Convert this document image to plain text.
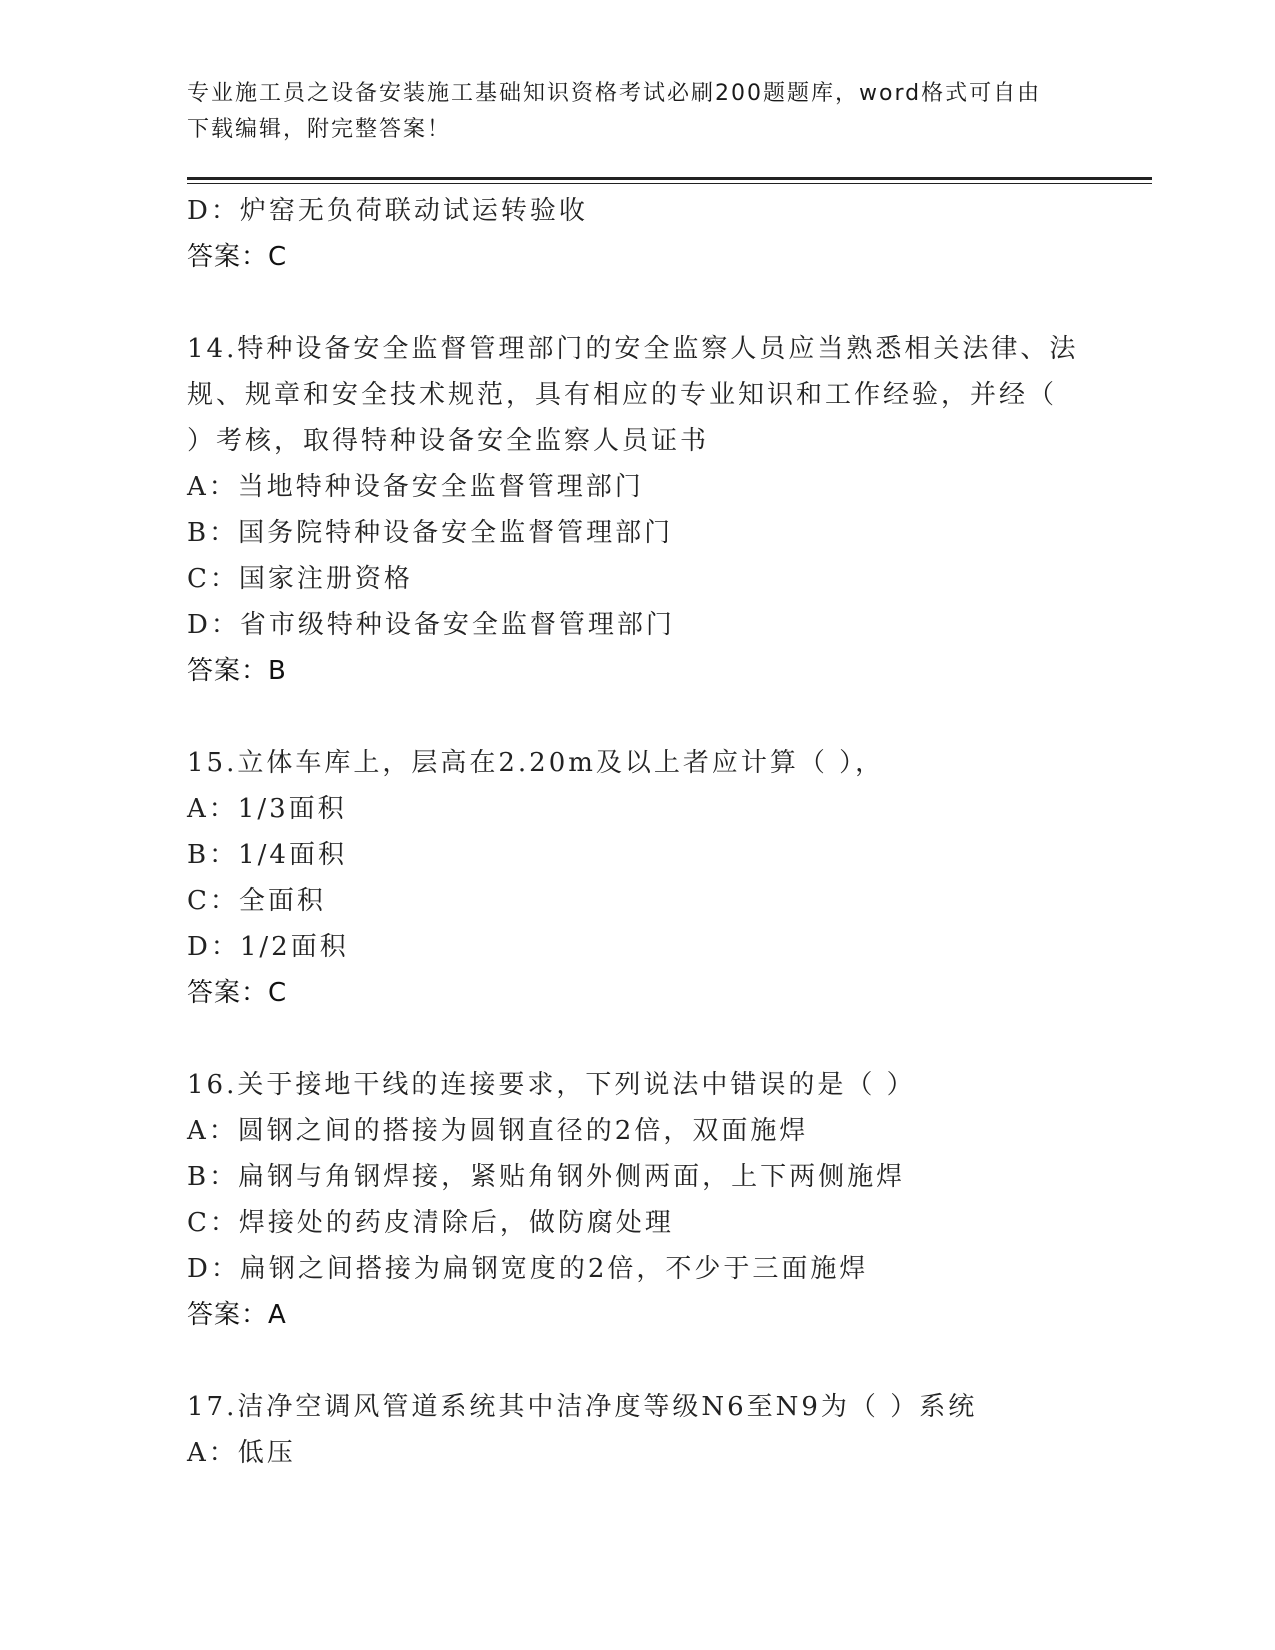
专业施工员之设备安装施工基础知识资格考试必刷200题题库，word格式可自由
下载编辑，附完整答案！
D：炉窑无负荷联动试运转验收
答案：C
14.特种设备安全监督管理部门的安全监察人员应当熟悉相关法律、法
规、规章和安全技术规范，具有相应的专业知识和工作经验，并经（
）考核，取得特种设备安全监察人员证书
A：当地特种设备安全监督管理部门
B：国务院特种设备安全监督管理部门
C：国家注册资格
D：省市级特种设备安全监督管理部门
答案：B
15.立体车库上，层高在2.20m及以上者应计算（ ），
A：1/3面积
B：1/4面积
C：全面积
D：1/2面积
答案：C
16.关于接地干线的连接要求，下列说法中错误的是（ ）
A：圆钢之间的搭接为圆钢直径的2倍，双面施焊
B：扁钢与角钢焊接，紧贴角钢外侧两面，上下两侧施焊
C：焊接处的药皮清除后，做防腐处理
D：扁钢之间搭接为扁钢宽度的2倍，不少于三面施焊
答案：A
17.洁净空调风管道系统其中洁净度等级N6至N9为（ ）系统
A：低压
